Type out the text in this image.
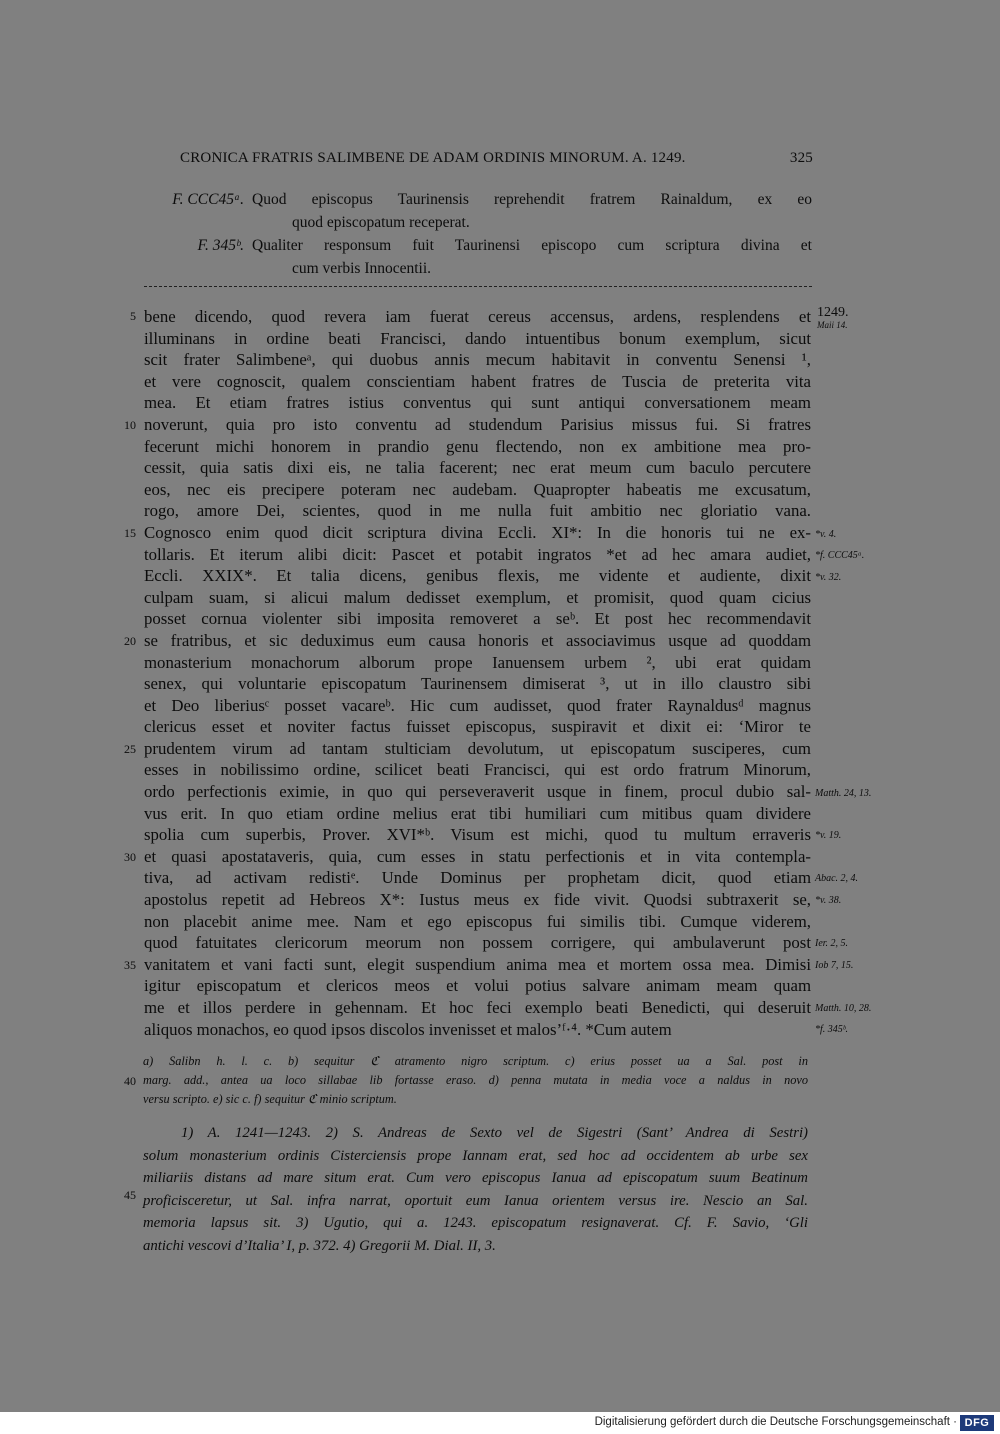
CRONICA FRATRIS SALIMBENE DE ADAM ORDINIS MINORUM. A. 1249.	325
F. CCC45ᵃ. Quod episcopus Taurinensis reprehendit fratrem Rainaldum, ex eo
quod episcopatum receperat.
F. 345ᵇ. Qualiter responsum fuit Taurinensi episcopo cum scriptura divina et
cum verbis Innocentii.
1249.
Maii 14.
5
10
15
20
25
30
35
40
45
*v. 4.
*f. CCC45ᵃ.
*v. 32.
Matth. 24, 13.
*v. 19.
Abac. 2, 4.
*v. 38.
Ier. 2, 5.
Iob 7, 15.
Matth. 10, 28.
*f. 345ᵇ.
bene dicendo, quod revera iam fuerat cereus accensus, ardens, resplendens et
illuminans in ordine beati Francisci, dando intuentibus bonum exemplum, sicut
scit frater Salimbeneᵃ, qui duobus annis mecum habitavit in conventu Senensi ¹,
et vere cognoscit, qualem conscientiam habent fratres de Tuscia de preterita vita
mea. Et etiam fratres istius conventus qui sunt antiqui conversationem meam
noverunt, quia pro isto conventu ad studendum Parisius missus fui. Si fratres
fecerunt michi honorem in prandio genu flectendo, non ex ambitione mea pro-
cessit, quia satis dixi eis, ne talia facerent; nec erat meum cum baculo percutere
eos, nec eis precipere poteram nec audebam. Quapropter habeatis me excusatum,
rogo, amore Dei, scientes, quod in me nulla fuit ambitio nec gloriatio vana.
Cognosco enim quod dicit scriptura divina Eccli. XI*: In die honoris tui ne ex-
tollaris. Et iterum alibi dicit: Pascet et potabit ingratos *et ad hec amara audiet,
Eccli. XXIX*. Et talia dicens, genibus flexis, me vidente et audiente, dixit
culpam suam, si alicui malum dedisset exemplum, et promisit, quod quam cicius
posset cornua violenter sibi imposita removeret a seᵇ. Et post hec recommendavit
se fratribus, et sic deduximus eum causa honoris et associavimus usque ad quoddam
monasterium monachorum alborum prope Ianuensem urbem ², ubi erat quidam
senex, qui voluntarie episcopatum Taurinensem dimiserat ³, ut in illo claustro sibi
et Deo liberiusᶜ posset vacareᵇ. Hic cum audisset, quod frater Raynaldusᵈ magnus
clericus esset et noviter factus fuisset episcopus, suspiravit et dixit ei: ‘Miror te
prudentem virum ad tantam stulticiam devolutum, ut episcopatum susciperes, cum
esses in nobilissimo ordine, scilicet beati Francisci, qui est ordo fratrum Minorum,
ordo perfectionis eximie, in quo qui perseveraverit usque in finem, procul dubio sal-
vus erit. In quo etiam ordine melius erat tibi humiliari cum mitibus quam dividere
spolia cum superbis, Prover. XVI*ᵇ. Visum est michi, quod tu multum erraveris
et quasi apostataveris, quia, cum esses in statu perfectionis et in vita contempla-
tiva, ad activam redistiᵉ. Unde Dominus per prophetam dicit, quod etiam
apostolus repetit ad Hebreos X*: Iustus meus ex fide vivit. Quodsi subtraxerit se,
non placebit anime mee. Nam et ego episcopus fui similis tibi. Cumque viderem,
quod fatuitates clericorum meorum non possem corrigere, qui ambulaverunt post
vanitatem et vani facti sunt, elegit suspendium anima mea et mortem ossa mea. Dimisi
igitur episcopatum et clericos meos et volui potius salvare animam meam quam
me et illos perdere in gehennam. Et hoc feci exemplo beati Benedicti, qui deseruit
aliquos monachos, eo quod ipsos discolos invenisset et malos’ᶠ·⁴. *Cum autem
a) Salibn h. l. c. b) sequitur ℭ atramento nigro scriptum. c) erius posset ua a Sal. post in
marg. add., antea ua loco sillabae lib fortasse eraso. d) penna mutata in media voce a naldus in novo
versu scripto. e) sic c. f) sequitur ℭ minio scriptum.
1) A. 1241—1243. 2) S. Andreas de Sexto vel de Sigestri (Sant’ Andrea di Sestri)
solum monasterium ordinis Cisterciensis prope Iannam erat, sed hoc ad occidentem ab urbe sex
miliariis distans ad mare situm erat. Cum vero episcopus Ianua ad episcopatum suum Beatinum
proficisceretur, ut Sal. infra narrat, oportuit eum Ianua orientem versus ire. Nescio an Sal.
memoria lapsus sit. 3) Ugutio, qui a. 1243. episcopatum resignaverat. Cf. F. Savio, ‘Gli
antichi vescovi d’Italia’ I, p. 372. 4) Gregorii M. Dial. II, 3.
Digitalisierung gefördert durch die Deutsche Forschungsgemeinschaft · DFG
